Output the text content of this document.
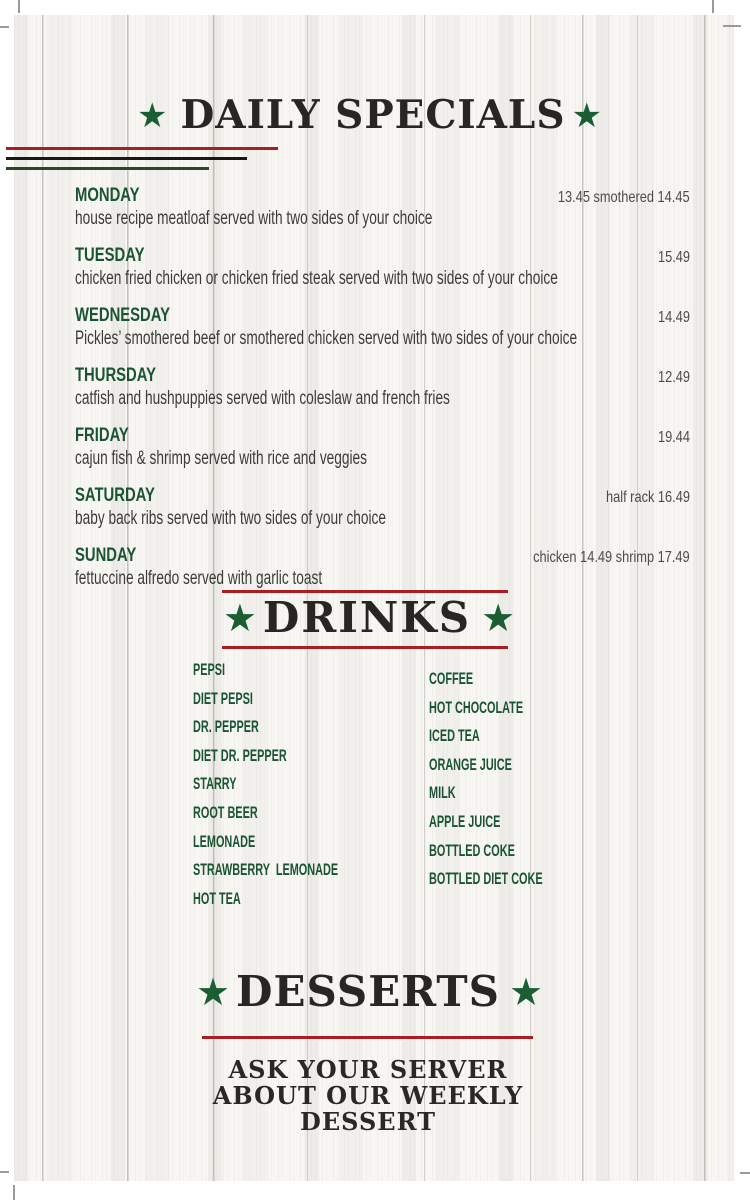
★ DAILY SPECIALS ★
MONDAY	13.45 smothered 14.45
house recipe meatloaf served with two sides of your choice
TUESDAY	15.49
chicken fried chicken or chicken fried steak served with two sides of your choice
WEDNESDAY	14.49
Pickles’ smothered beef or smothered chicken served with two sides of your choice
THURSDAY	12.49
catfish and hushpuppies served with coleslaw and french fries
FRIDAY	19.44
cajun fish & shrimp served with rice and veggies
SATURDAY	half rack 16.49
baby back ribs served with two sides of your choice
SUNDAY	chicken 14.49 shrimp 17.49
fettuccine alfredo served with garlic toast
★ DRINKS ★
PEPSI
DIET PEPSI
DR. PEPPER
DIET DR. PEPPER
STARRY
ROOT BEER
LEMONADE
STRAWBERRY  LEMONADE
HOT TEA
COFFEE
HOT CHOCOLATE
ICED TEA
ORANGE JUICE
MILK
APPLE JUICE
BOTTLED COKE
BOTTLED DIET COKE
★ DESSERTS ★
ASK YOUR SERVER
ABOUT OUR WEEKLY
DESSERT
